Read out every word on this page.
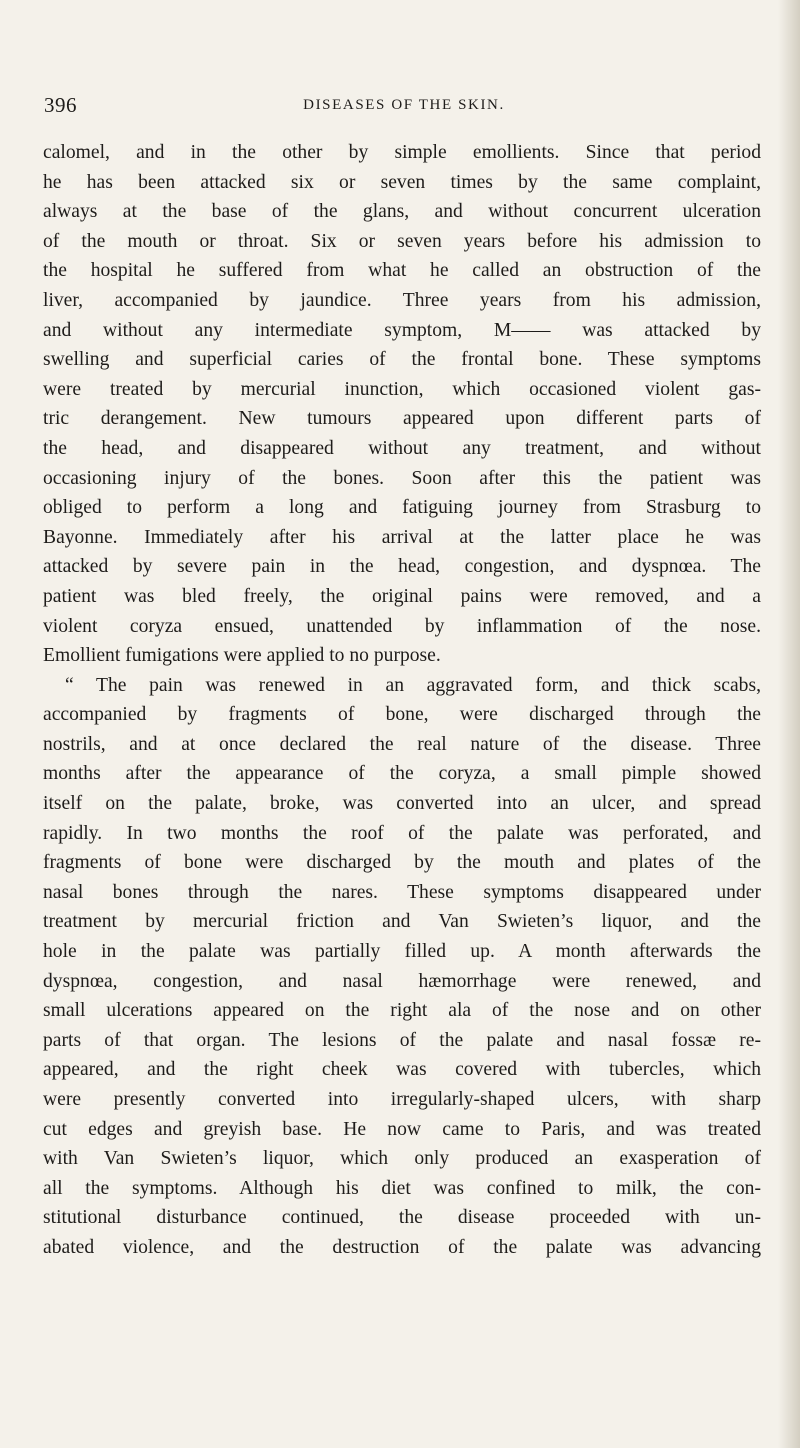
396	DISEASES OF THE SKIN.
calomel, and in the other by simple emollients. Since that period
he has been attacked six or seven times by the same complaint,
always at the base of the glans, and without concurrent ulceration
of the mouth or throat. Six or seven years before his admission to
the hospital he suffered from what he called an obstruction of the
liver, accompanied by jaundice. Three years from his admission,
and without any intermediate symptom, M—— was attacked by
swelling and superficial caries of the frontal bone. These symptoms
were treated by mercurial inunction, which occasioned violent gas-
tric derangement. New tumours appeared upon different parts of
the head, and disappeared without any treatment, and without
occasioning injury of the bones. Soon after this the patient was
obliged to perform a long and fatiguing journey from Strasburg to
Bayonne. Immediately after his arrival at the latter place he was
attacked by severe pain in the head, congestion, and dyspnœa. The
patient was bled freely, the original pains were removed, and a
violent coryza ensued, unattended by inflammation of the nose.
Emollient fumigations were applied to no purpose.
“ The pain was renewed in an aggravated form, and thick scabs,
accompanied by fragments of bone, were discharged through the
nostrils, and at once declared the real nature of the disease. Three
months after the appearance of the coryza, a small pimple showed
itself on the palate, broke, was converted into an ulcer, and spread
rapidly. In two months the roof of the palate was perforated, and
fragments of bone were discharged by the mouth and plates of the
nasal bones through the nares. These symptoms disappeared under
treatment by mercurial friction and Van Swieten’s liquor, and the
hole in the palate was partially filled up. A month afterwards the
dyspnœa, congestion, and nasal hæmorrhage were renewed, and
small ulcerations appeared on the right ala of the nose and on other
parts of that organ. The lesions of the palate and nasal fossæ re-
appeared, and the right cheek was covered with tubercles, which
were presently converted into irregularly-shaped ulcers, with sharp
cut edges and greyish base. He now came to Paris, and was treated
with Van Swieten’s liquor, which only produced an exasperation of
all the symptoms. Although his diet was confined to milk, the con-
stitutional disturbance continued, the disease proceeded with un-
abated violence, and the destruction of the palate was advancing
